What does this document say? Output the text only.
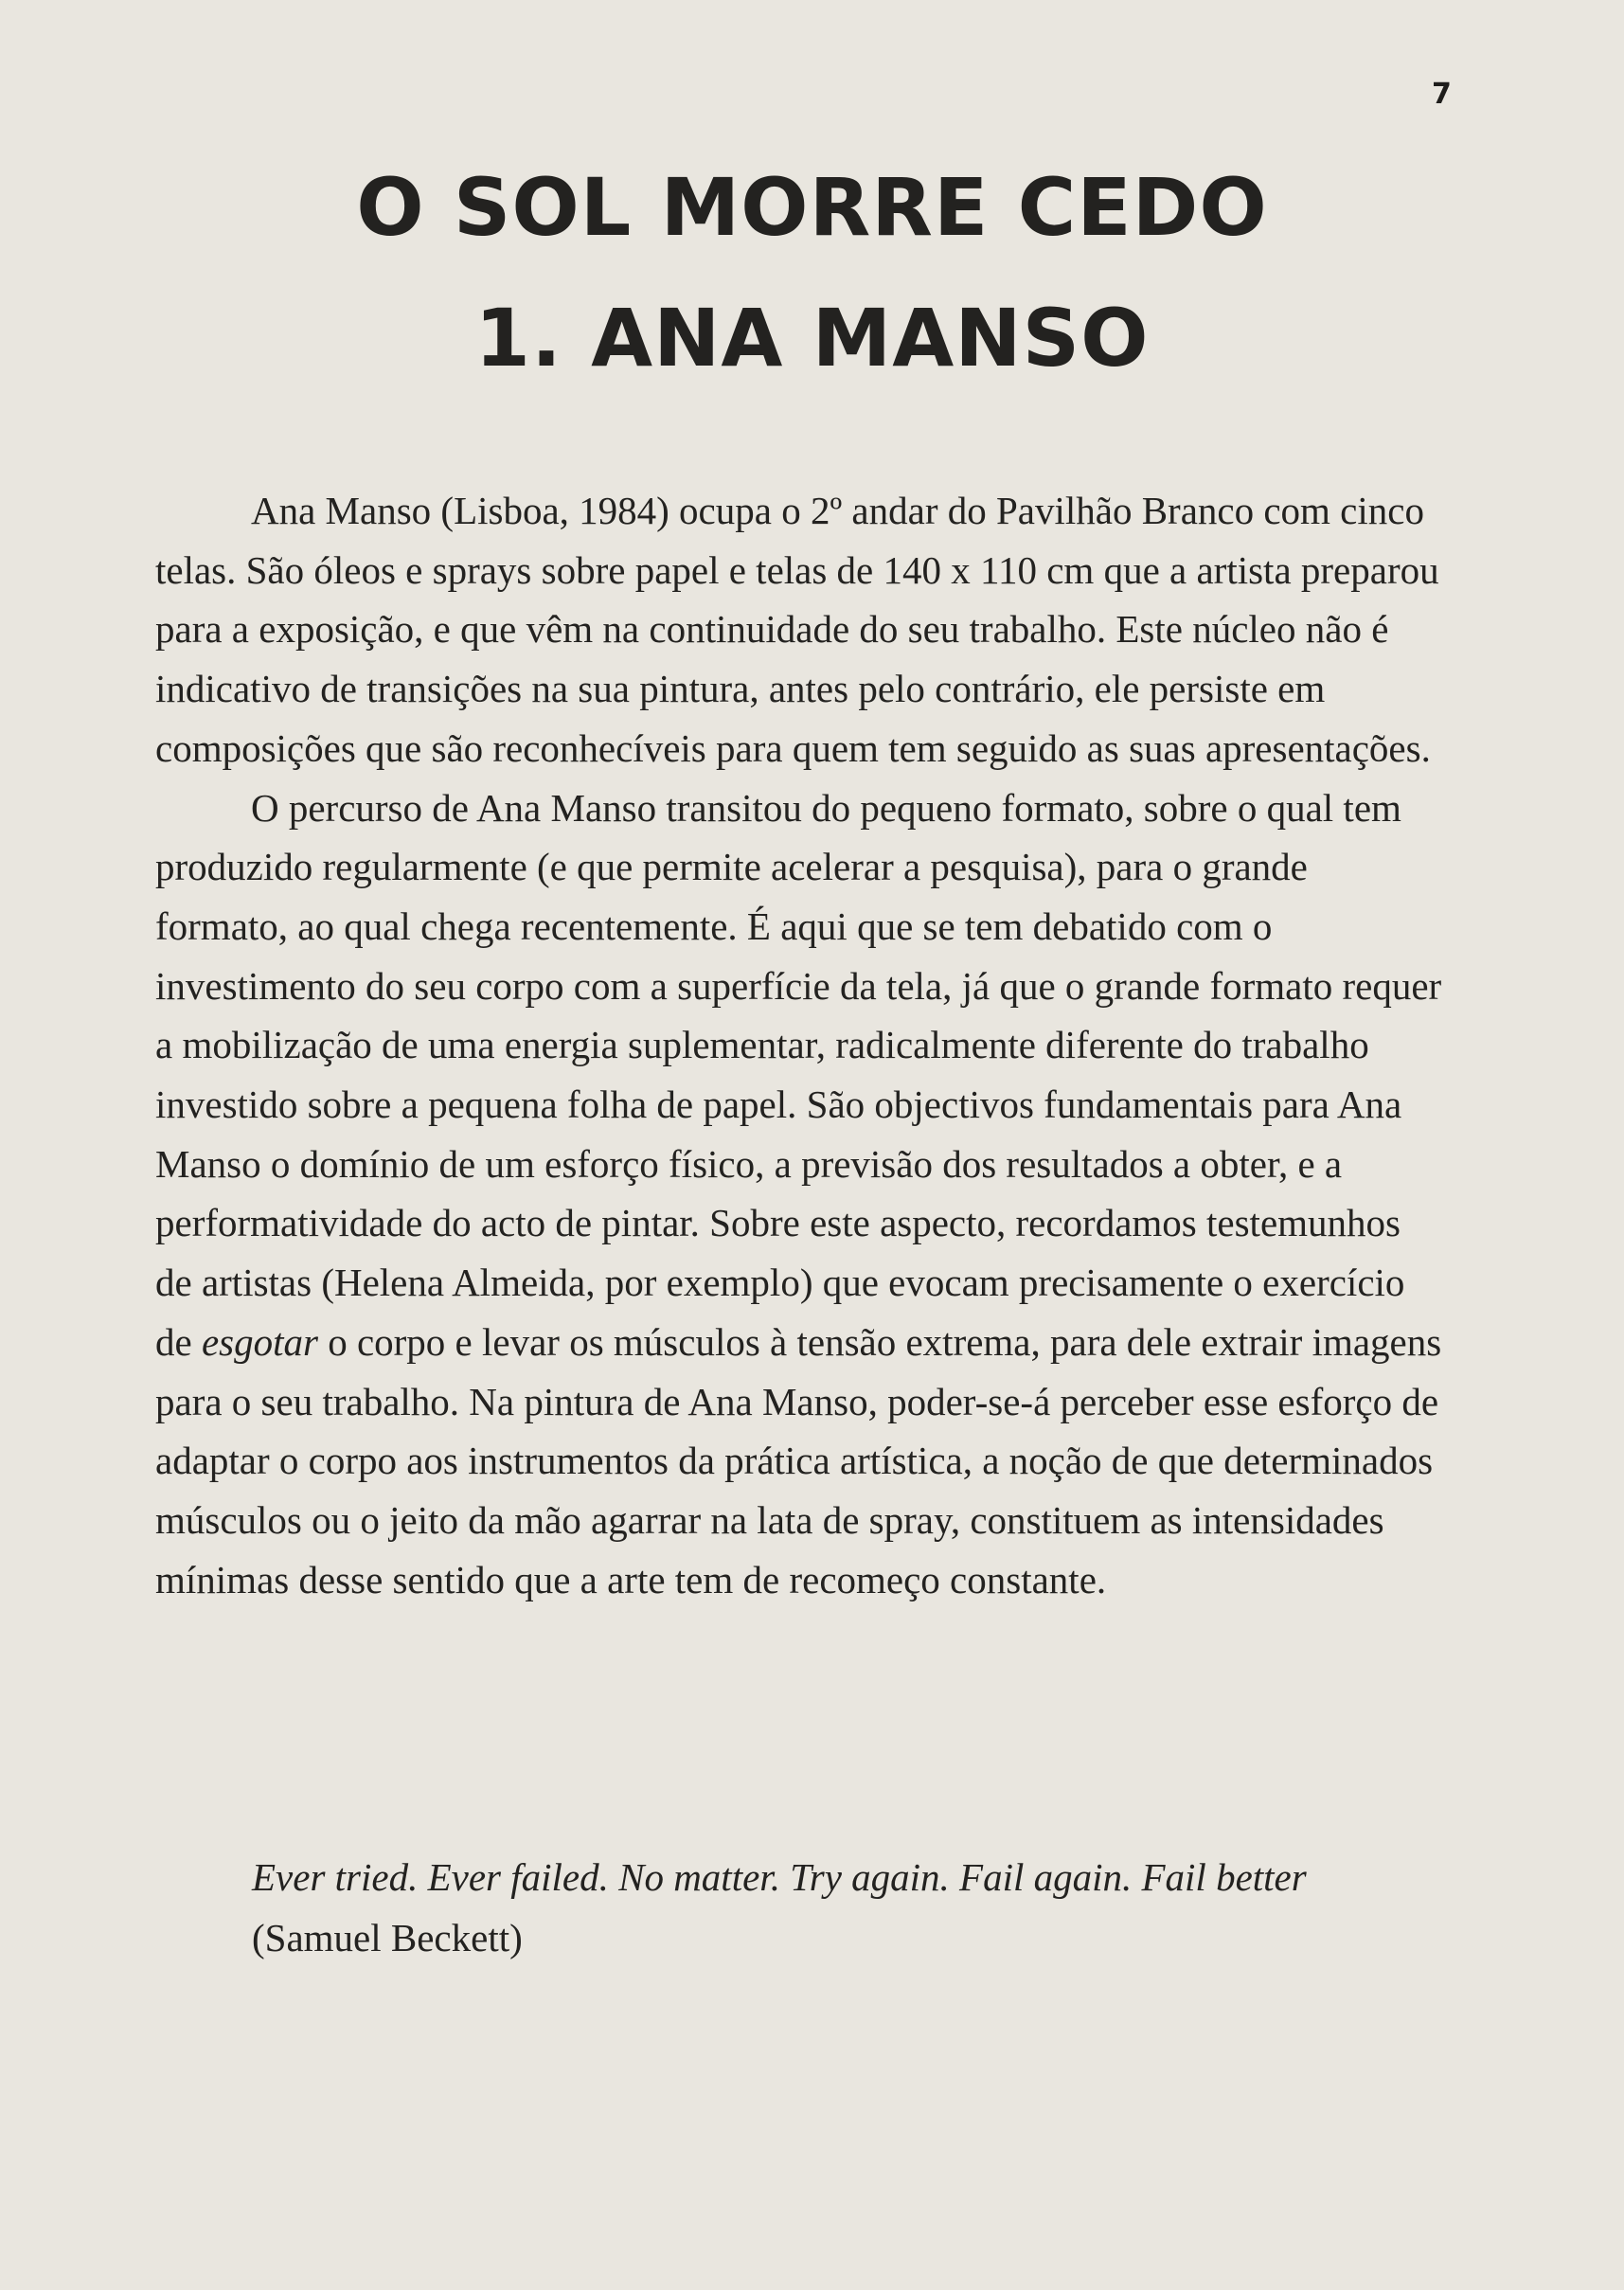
7
O SOL MORRE CEDO
1. ANA MANSO

Ana Manso (Lisboa, 1984) ocupa o 2º andar do Pavilhão Branco com cinco telas. São óleos e sprays sobre papel e telas de 140 x 110 cm que a artista preparou para a exposição, e que vêm na continuidade do seu trabalho. Este núcleo não é indicativo de transições na sua pintura, antes pelo contrário, ele persiste em composições que são reconhecíveis para quem tem seguido as suas apresentações.

O percurso de Ana Manso transitou do pequeno formato, sobre o qual tem produzido regularmente (e que permite acelerar a pesquisa), para o grande formato, ao qual chega recentemente. É aqui que se tem debatido com o investimento do seu corpo com a superfície da tela, já que o grande formato requer a mobilização de uma energia suplementar, radicalmente diferente do trabalho investido sobre a pequena folha de papel. São objectivos fundamentais para Ana Manso o domínio de um esforço físico, a previsão dos resultados a obter, e a performatividade do acto de pintar. Sobre este aspecto, recordamos testemunhos de artistas (Helena Almeida, por exemplo) que evocam precisamente o exercício de esgotar o corpo e levar os músculos à tensão extrema, para dele extrair imagens para o seu trabalho. Na pintura de Ana Manso, poder-se-á perceber esse esforço de adaptar o corpo aos instrumentos da prática artística, a noção de que determinados músculos ou o jeito da mão agarrar na lata de spray, constituem as intensidades mínimas desse sentido que a arte tem de recomeço constante.

Ever tried. Ever failed. No matter. Try again. Fail again. Fail better
(Samuel Beckett)
